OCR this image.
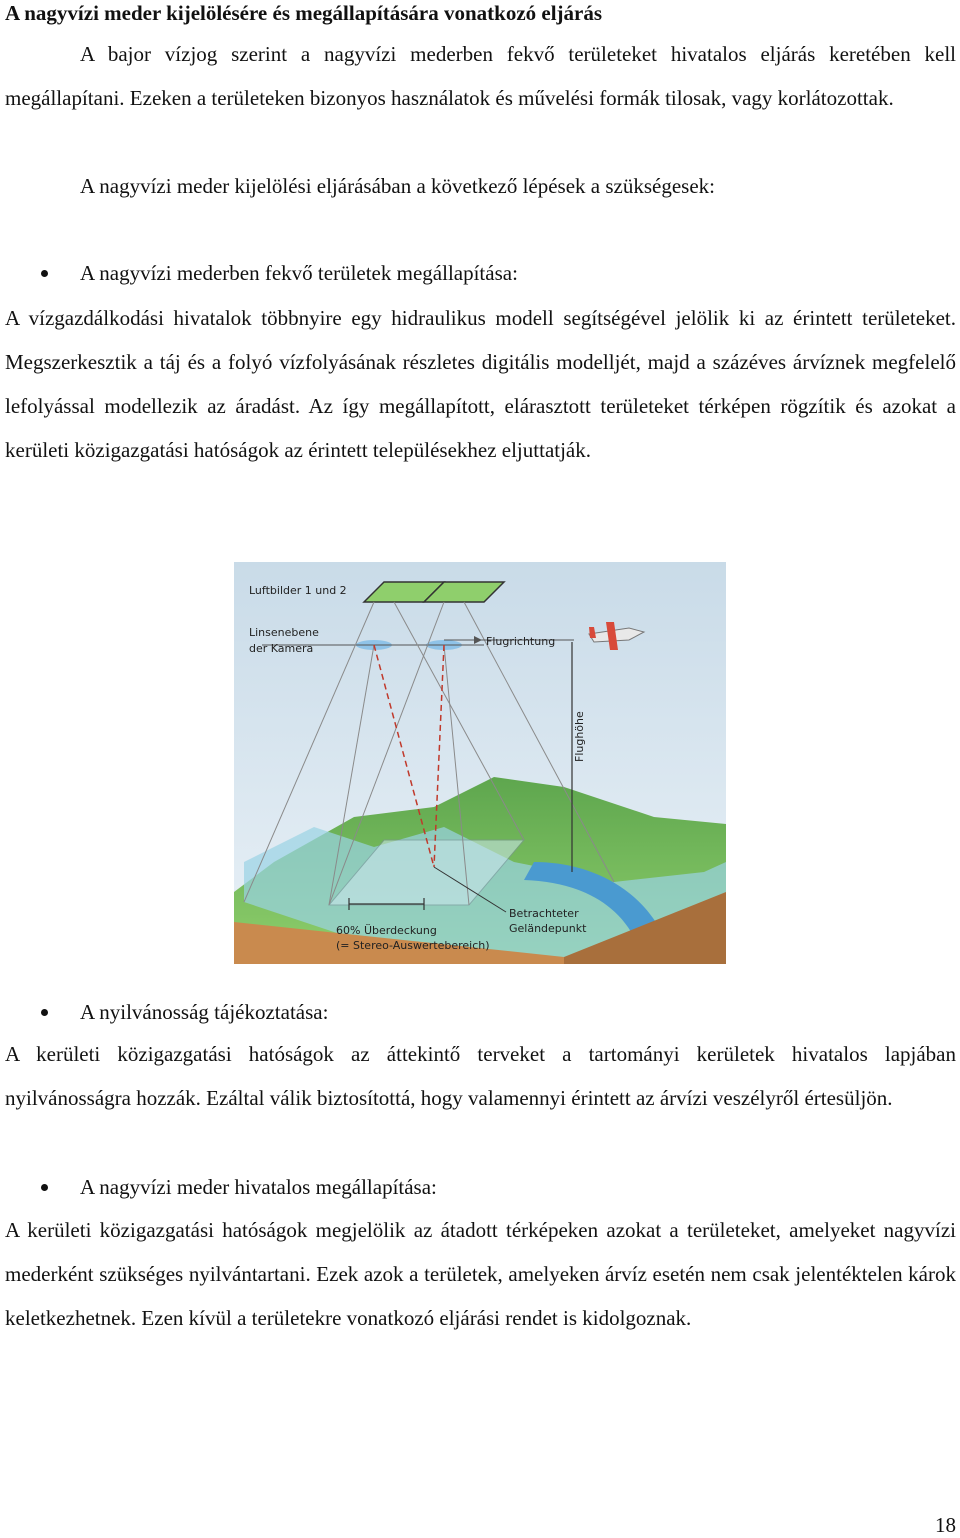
A nagyvízi meder kijelölésére és megállapítására vonatkozó eljárás

A bajor vízjog szerint a nagyvízi mederben fekvő területeket hivatalos eljárás keretében kell megállapítani. Ezeken a területeken bizonyos használatok és művelési formák tilosak, vagy korlátozottak.

A nagyvízi meder kijelölési eljárásában a következő lépések a szükségesek:

A nagyvízi mederben fekvő területek megállapítása:

A vízgazdálkodási hivatalok többnyire egy hidraulikus modell segítségével jelölik ki az érintett területeket. Megszerkesztik a táj és a folyó vízfolyásának részletes digitális modelljét, majd a százéves árvíznek megfelelő lefolyással modellezik az áradást. Az így megállapított, elárasztott területeket térképen rögzítik és azokat a kerületi közigazgatási hatóságok az érintett településekhez eljuttatják.

Luftbilder 1 und 2
Linsenebene
der Kamera
Flugrichtung
Flughöhe
60% Überdeckung
(= Stereo-Auswertebereich)
Betrachteter
Geländepunkt
A nyilvánosság tájékoztatása:

A kerületi közigazgatási hatóságok az áttekintő terveket a tartományi kerületek hivatalos lapjában nyilvánosságra hozzák. Ezáltal válik biztosítottá, hogy valamennyi érintett az árvízi veszélyről értesüljön.

A nagyvízi meder hivatalos megállapítása:

A kerületi közigazgatási hatóságok megjelölik az átadott térképeken azokat a területeket, amelyeket nagyvízi mederként szükséges nyilvántartani. Ezek azok a területek, amelyeken árvíz esetén nem csak jelentéktelen károk keletkezhetnek. Ezen kívül a területekre vonatkozó eljárási rendet is kidolgoznak.

18
